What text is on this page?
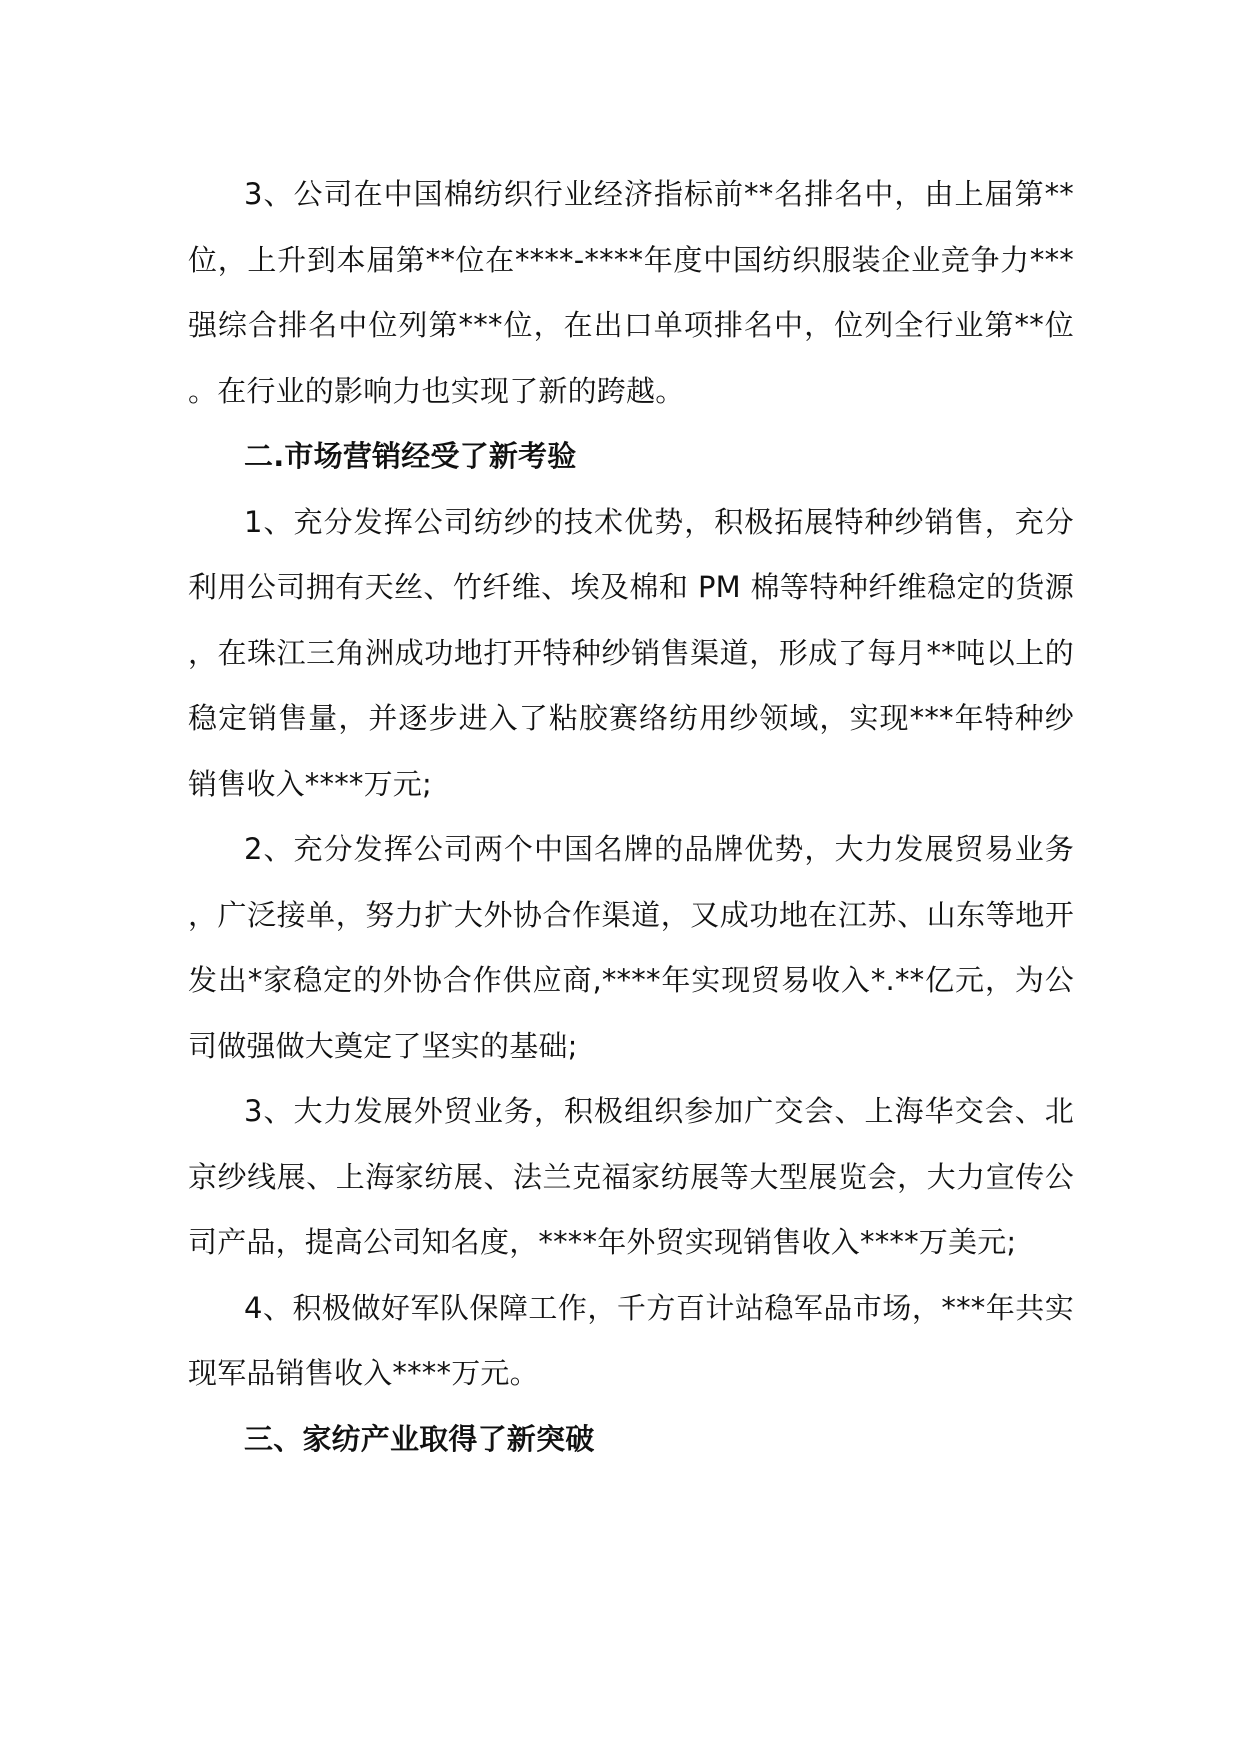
3、公司在中国棉纺织行业经济指标前**名排名中，由上届第**位，上升到本届第**位在****-****年度中国纺织服装企业竞争力***强综合排名中位列第***位，在出口单项排名中，位列全行业第**位。在行业的影响力也实现了新的跨越。

二.市场营销经受了新考验

1、充分发挥公司纺纱的技术优势，积极拓展特种纱销售，充分利用公司拥有天丝、竹纤维、埃及棉和 PM 棉等特种纤维稳定的货源，在珠江三角洲成功地打开特种纱销售渠道，形成了每月**吨以上的稳定销售量，并逐步进入了粘胶赛络纺用纱领域，实现***年特种纱销售收入****万元;

2、充分发挥公司两个中国名牌的品牌优势，大力发展贸易业务，广泛接单，努力扩大外协合作渠道，又成功地在江苏、山东等地开发出*家稳定的外协合作供应商,****年实现贸易收入*.**亿元，为公司做强做大奠定了坚实的基础;

3、大力发展外贸业务，积极组织参加广交会、上海华交会、北京纱线展、上海家纺展、法兰克福家纺展等大型展览会，大力宣传公司产品，提高公司知名度，****年外贸实现销售收入****万美元;

4、积极做好军队保障工作，千方百计站稳军品市场，***年共实现军品销售收入****万元。

三、家纺产业取得了新突破
